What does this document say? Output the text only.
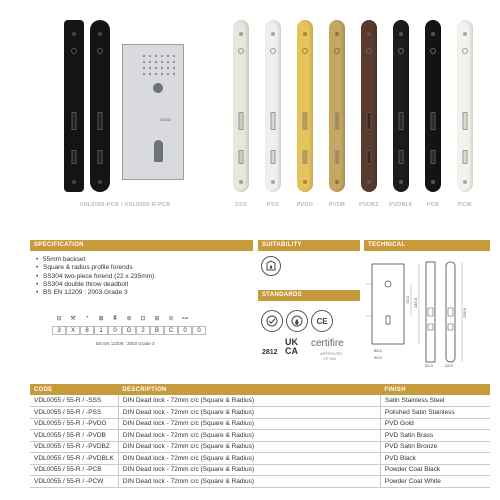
1/2002
VDL0055-PCB / VDL0055-R-PCB	SSS	PSS	PVDG	PVDB	PVDBZ	PVDBLK	PCB	PCW
SPECIFICATION
• 55mm backset
• Square & radius profile forends
• SS304 two-piece forend (22 x 235mm)
• SS304 double throw deadbolt
• BS EN 12209 : 2003 Grade 3
⊟	⚒	◔	⊠	⧗	⊕	⊡	⊞	⊘	⊶
3	X	8	1	0	G	2	B	C	0	0
BS EN 12209 : 2003 Grade 3
SUITABILITY
STANDARDS
CE
2812
UK CA
certifire
APPROVED
CF 000
TECHNICAL
72.0 145.0
55.0
90.0
22.0	22.0
235.0
CODE	DESCRIPTION	FINISH
VDL0055 / 55-R / -SSS	DIN Dead lock - 72mm c/c (Square & Radius)	Satin Stainless Steel
VDL0055 / 55-R / -PSS	DIN Dead lock - 72mm c/c (Square & Radius)	Polished Satin Stainless
VDL0055 / 55-R / -PVDG	DIN Dead lock - 72mm c/c (Square & Radius)	PVD Gold
VDL0055 / 55-R / -PVDB	DIN Dead lock - 72mm c/c (Square & Radius)	PVD Satin Brass
VDL0055 / 55-R / -PVDBZ	DIN Dead lock - 72mm c/c (Square & Radius)	PVD Satin Bronze
VDL0055 / 55-R / -PVDBLK	DIN Dead lock - 72mm c/c (Square & Radius)	PVD Black
VDL0055 / 55-R / -PCB	DIN Dead lock - 72mm c/c (Square & Radius)	Powder Coat Black
VDL0055 / 55-R / -PCW	DIN Dead lock - 72mm c/c (Square & Radius)	Powder Coat White
